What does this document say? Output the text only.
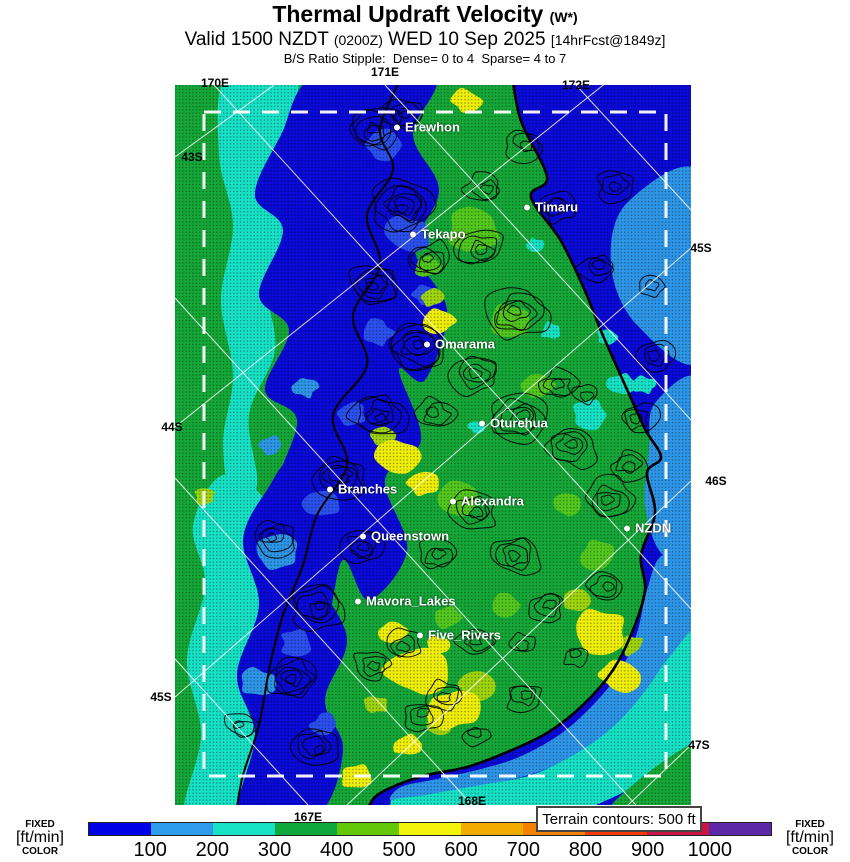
Thermal Updraft Velocity (W*)
Valid 1500 NZDT (0200Z) WED 10 Sep 2025 [14hrFcst@1849z]
B/S Ratio Stipple:  Dense= 0 to 4  Sparse= 4 to 7
170E
171E
172E
43S
44S
45S
45S
46S
47S
167E
168E
Erewhon
Timaru
Tekapo
Omarama
Oturehua
Branches
Alexandra
Queenstown
NZDN
Mavora_Lakes
Five_Rivers
Terrain contours: 500 ft
100 200 300 400 500 600 700 800 900 1000
FIXED
[ft/min]
COLOR
FIXED
[ft/min]
COLOR
